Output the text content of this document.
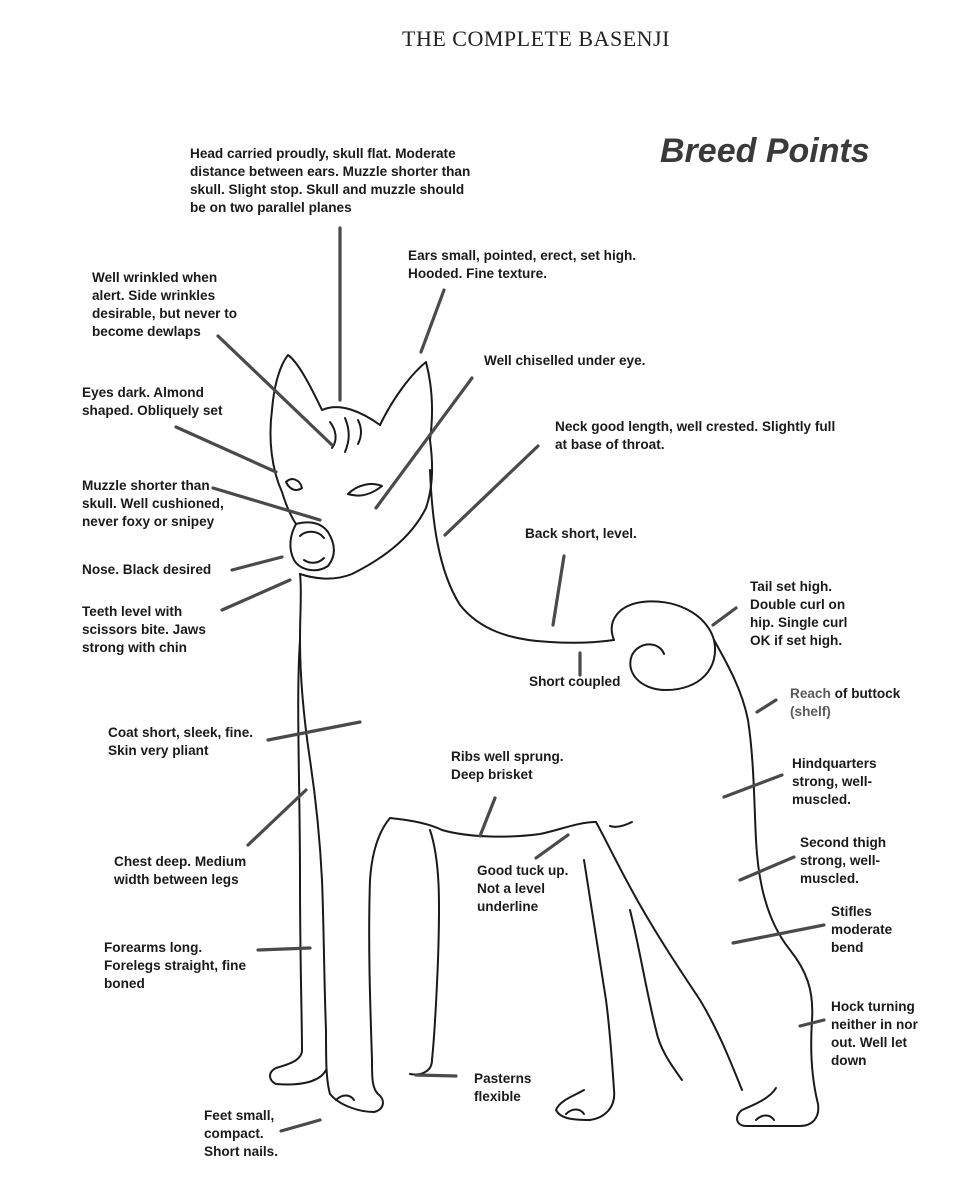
THE COMPLETE BASENJI
Breed Points
Head carried proudly, skull flat. Moderate
distance between ears. Muzzle shorter than
skull. Slight stop. Skull and muzzle should
be on two parallel planes
Ears small, pointed, erect, set high.
Hooded. Fine texture.
Well wrinkled when
alert. Side wrinkles
desirable, but never to
become dewlaps
Well chiselled under eye.
Eyes dark. Almond
shaped. Obliquely set
Neck good length, well crested. Slightly full
at base of throat.
Muzzle shorter than
skull. Well cushioned,
never foxy or snipey
Back short, level.
Nose. Black desired
Tail set high.
Double curl on
hip. Single curl
OK if set high.
Teeth level with
scissors bite. Jaws
strong with chin
Short coupled
Reach of buttock
(shelf)
Coat short, sleek, fine.
Skin very pliant	Ribs well sprung.
Deep brisket
Hindquarters
strong, well-
muscled.
Second thigh
strong, well-
muscled.
Chest deep. Medium
width between legs
Good tuck up.
Not a level
underline	Stifles
moderate
bend
Forearms long.
Forelegs straight, fine
boned
Hock turning
neither in nor
out. Well let
down
Pasterns
flexible
Feet small,
compact.
Short nails.
